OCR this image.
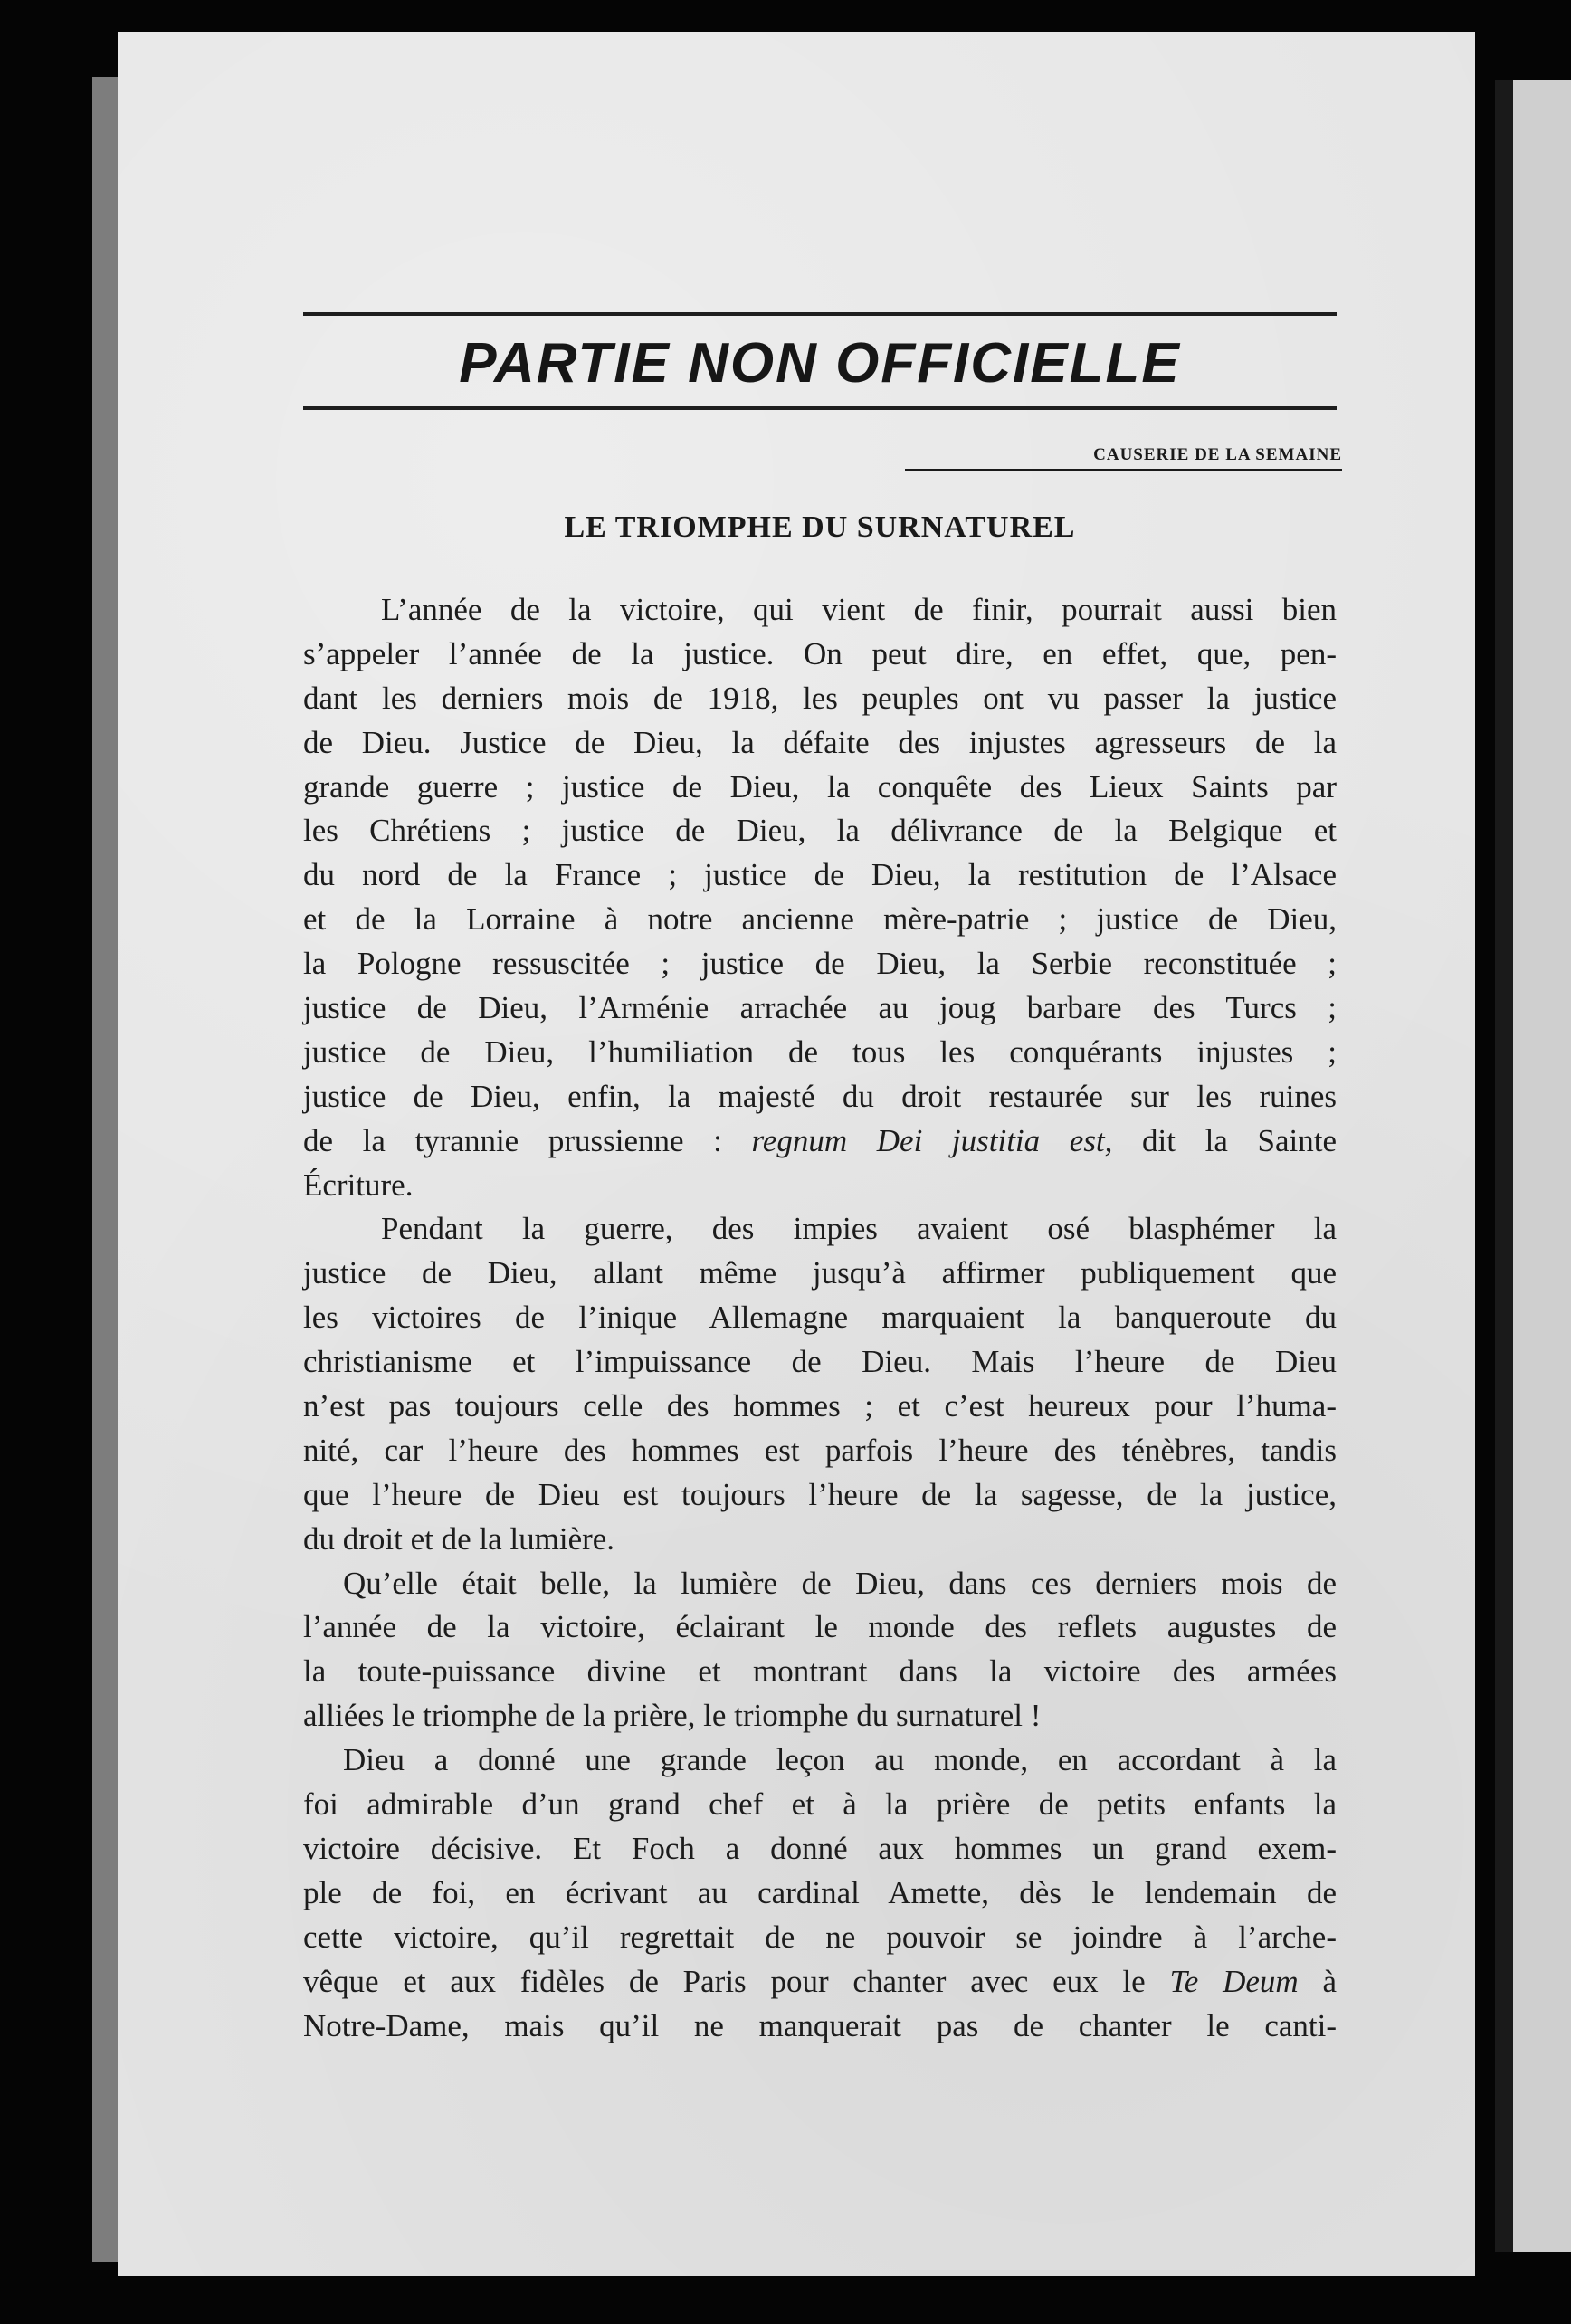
PARTIE NON OFFICIELLE
CAUSERIE DE LA SEMAINE
LE TRIOMPHE DU SURNATUREL
L’année de la victoire, qui vient de finir, pourrait aussi bien
s’appeler l’année de la justice. On peut dire, en effet, que, pen-
dant les derniers mois de 1918, les peuples ont vu passer la justice
de Dieu. Justice de Dieu, la défaite des injustes agresseurs de la
grande guerre ; justice de Dieu, la conquête des Lieux Saints par
les Chrétiens ; justice de Dieu, la délivrance de la Belgique et
du nord de la France ; justice de Dieu, la restitution de l’Alsace
et de la Lorraine à notre ancienne mère-patrie ; justice de Dieu,
la Pologne ressuscitée ; justice de Dieu, la Serbie reconstituée ;
justice de Dieu, l’Arménie arrachée au joug barbare des Turcs ;
justice de Dieu, l’humiliation de tous les conquérants injustes ;
justice de Dieu, enfin, la majesté du droit restaurée sur les ruines
de la tyrannie prussienne : regnum Dei justitia est, dit la Sainte
Écriture.
Pendant la guerre, des impies avaient osé blasphémer la
justice de Dieu, allant même jusqu’à affirmer publiquement que
les victoires de l’inique Allemagne marquaient la banqueroute du
christianisme et l’impuissance de Dieu. Mais l’heure de Dieu
n’est pas toujours celle des hommes ; et c’est heureux pour l’huma-
nité, car l’heure des hommes est parfois l’heure des ténèbres, tandis
que l’heure de Dieu est toujours l’heure de la sagesse, de la justice,
du droit et de la lumière.
Qu’elle était belle, la lumière de Dieu, dans ces derniers mois de
l’année de la victoire, éclairant le monde des reflets augustes de
la toute-puissance divine et montrant dans la victoire des armées
alliées le triomphe de la prière, le triomphe du surnaturel !
Dieu a donné une grande leçon au monde, en accordant à la
foi admirable d’un grand chef et à la prière de petits enfants la
victoire décisive. Et Foch a donné aux hommes un grand exem-
ple de foi, en écrivant au cardinal Amette, dès le lendemain de
cette victoire, qu’il regrettait de ne pouvoir se joindre à l’arche-
vêque et aux fidèles de Paris pour chanter avec eux le Te Deum à
Notre-Dame, mais qu’il ne manquerait pas de chanter le canti-
